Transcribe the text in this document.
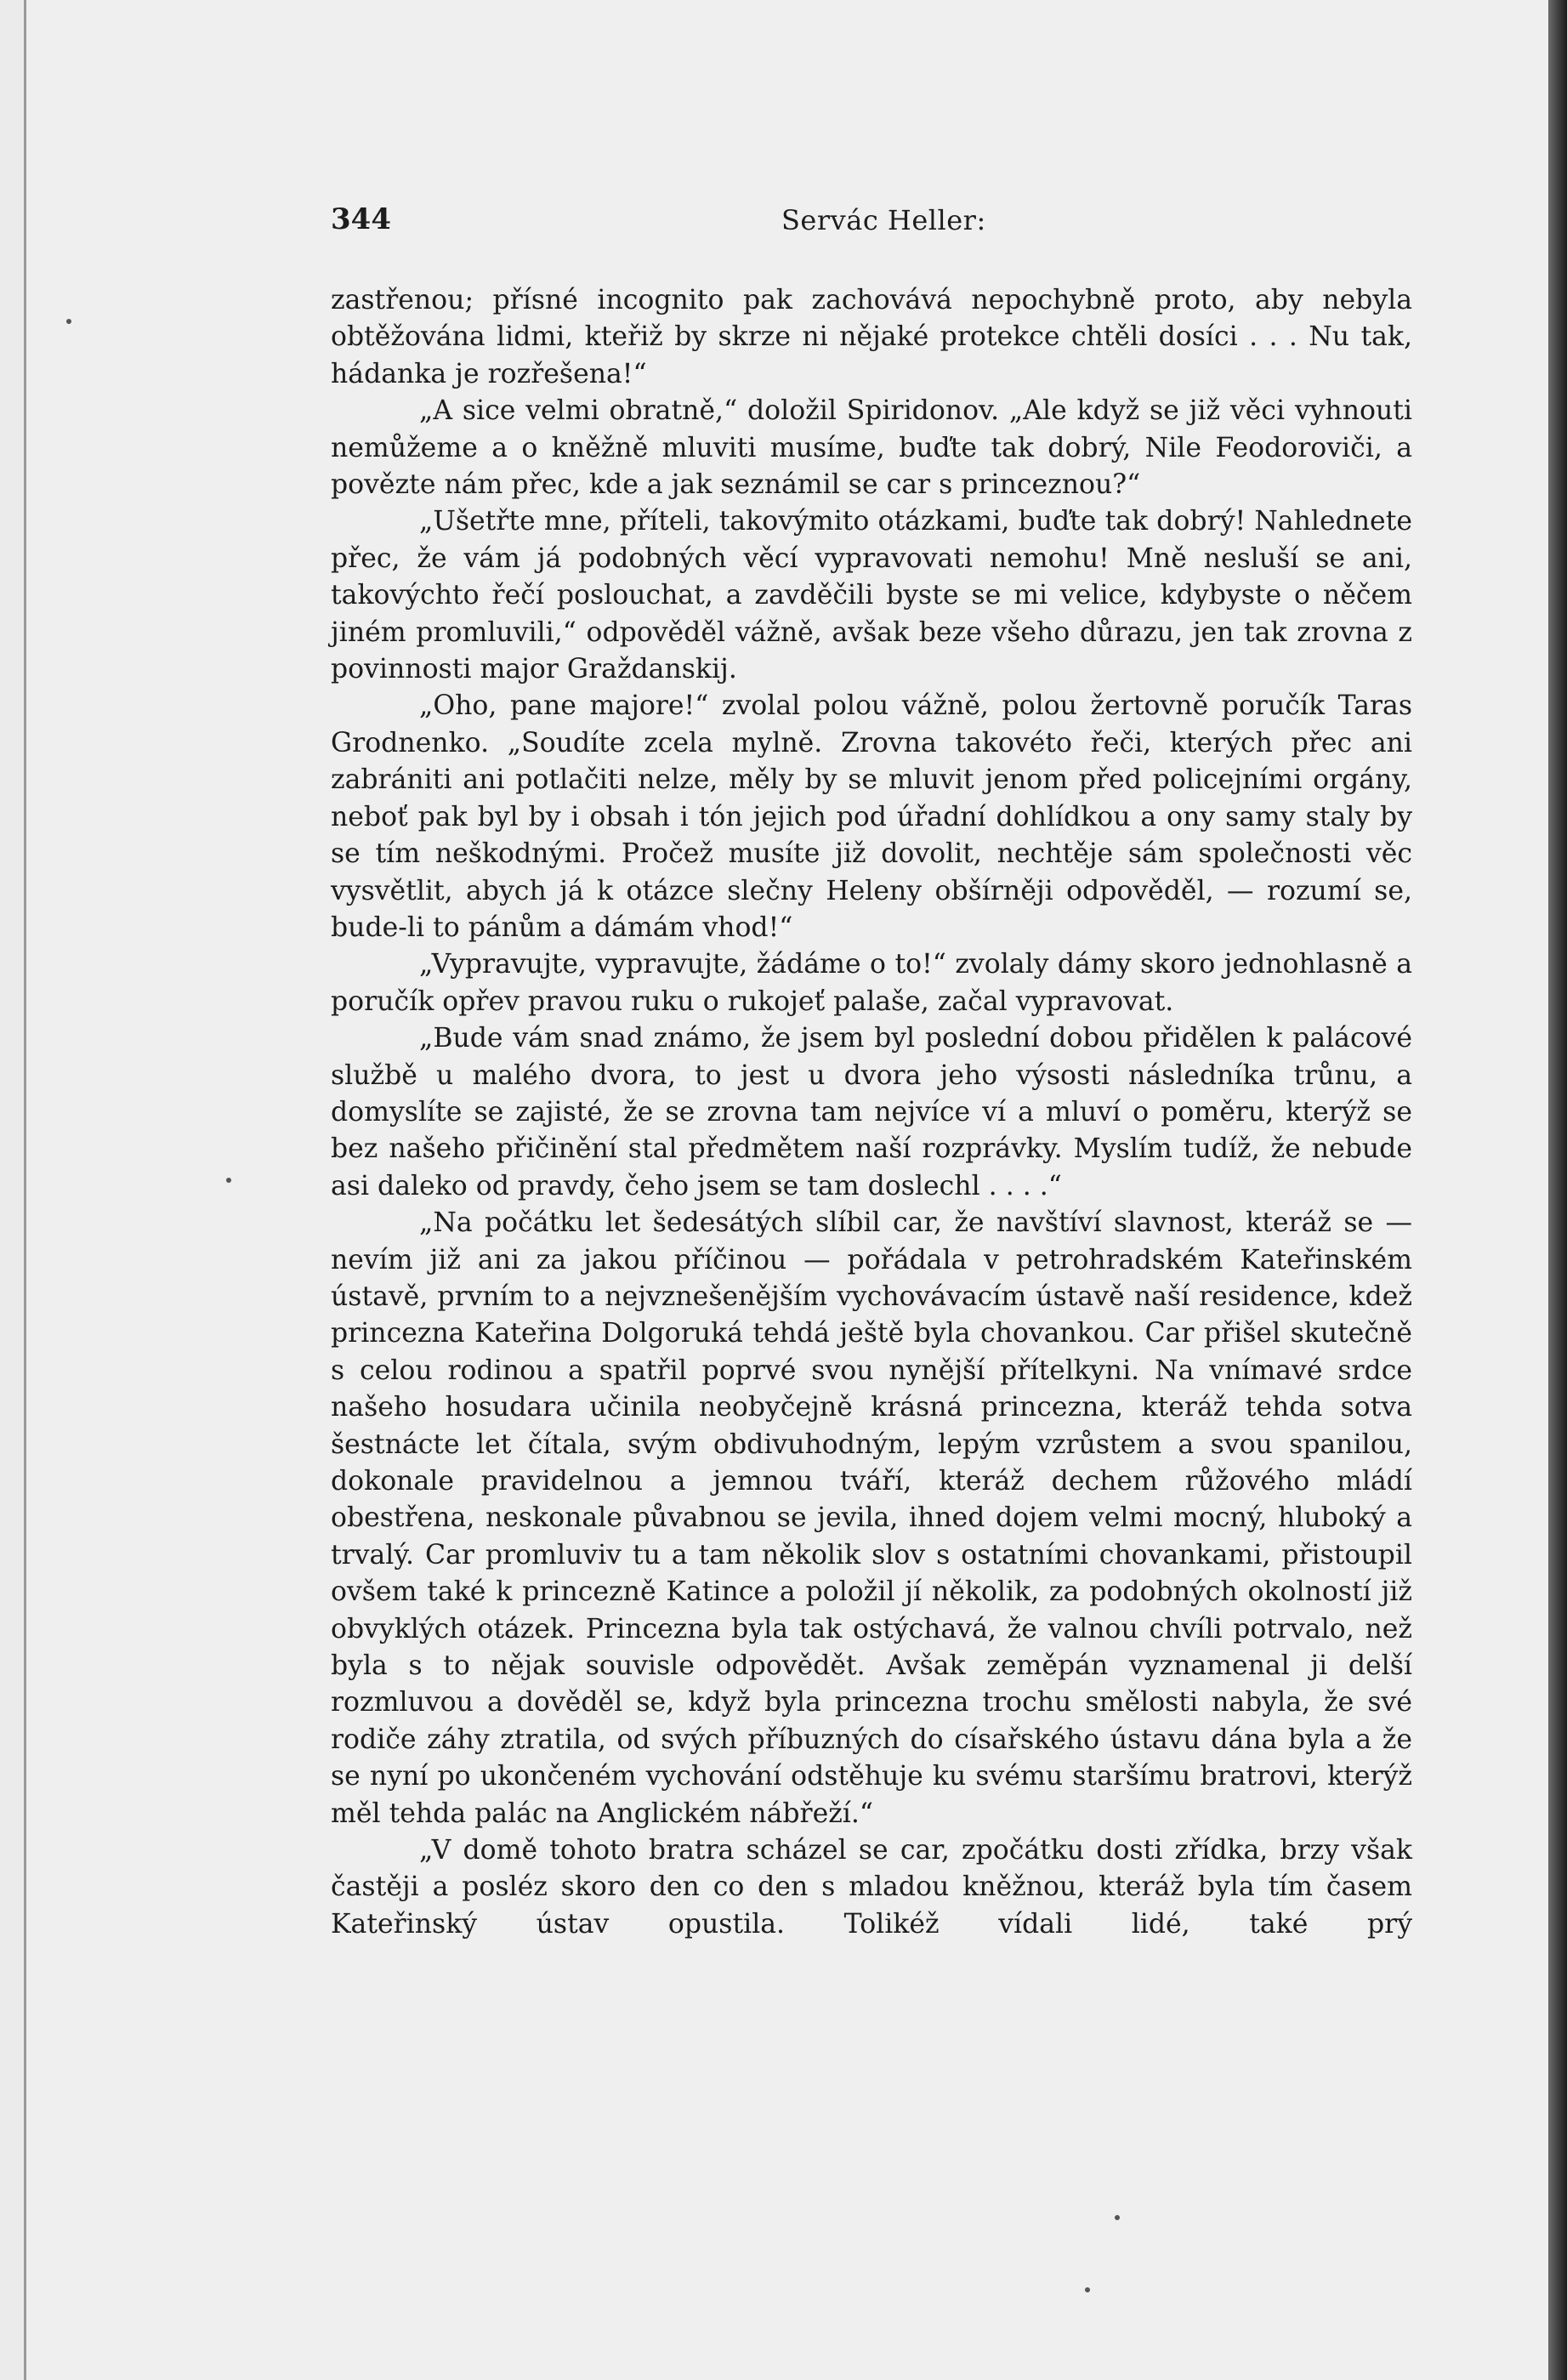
344	Servác Heller:

zastřenou; přísné incognito pak zachovává nepochybně proto, aby nebyla obtěžována lidmi, kteřiž by skrze ni nějaké protekce chtěli dosíci . . . Nu tak, hádanka je rozřešena!“

„A sice velmi obratně,“ doložil Spiridonov. „Ale když se již věci vyhnouti nemůžeme a o kněžně mluviti musíme, buďte tak dobrý, Nile Feodoroviči, a povězte nám přec, kde a jak seznámil se car s princeznou?“

„Ušetřte mne, příteli, takovýmito otázkami, buďte tak dobrý! Nahlednete přec, že vám já podobných věcí vypravovati nemohu! Mně nesluší se ani, takovýchto řečí poslouchat, a zavděčili byste se mi velice, kdybyste o něčem jiném promluvili,“ odpověděl vážně, avšak beze všeho důrazu, jen tak zrovna z povinnosti major Graždanskij.

„Oho, pane majore!“ zvolal polou vážně, polou žertovně poručík Taras Grodnenko. „Soudíte zcela mylně. Zrovna takovéto řeči, kterých přec ani zabrániti ani potlačiti nelze, měly by se mluvit jenom před policejními orgány, neboť pak byl by i obsah i tón jejich pod úřadní dohlídkou a ony samy staly by se tím neškodnými. Pročež musíte již dovolit, nechtěje sám společnosti věc vysvětlit, abych já k otázce slečny Heleny obšírněji odpověděl, — rozumí se, bude-li to pánům a dámám vhod!“

„Vypravujte, vypravujte, žádáme o to!“ zvolaly dámy skoro jednohlasně a poručík opřev pravou ruku o rukojeť palaše, začal vypravovat.

„Bude vám snad známo, že jsem byl poslední dobou přidělen k palácové službě u malého dvora, to jest u dvora jeho výsosti následníka trůnu, a domyslíte se zajisté, že se zrovna tam nejvíce ví a mluví o poměru, kterýž se bez našeho přičinění stal předmětem naší rozprávky. Myslím tudíž, že nebude asi daleko od pravdy, čeho jsem se tam doslechl . . . .“

„Na počátku let šedesátých slíbil car, že navštíví slavnost, kteráž se — nevím již ani za jakou příčinou — pořádala v petrohradském Kateřinském ústavě, prvním to a nejvznešenějším vychovávacím ústavě naší residence, kdež princezna Kateřina Dolgoruká tehdá ještě byla chovankou. Car přišel skutečně s celou rodinou a spatřil poprvé svou nynější přítelkyni. Na vnímavé srdce našeho hosudara učinila neobyčejně krásná princezna, kteráž tehda sotva šestnácte let čítala, svým obdivuhodným, lepým vzrůstem a svou spanilou, dokonale pravidelnou a jemnou tváří, kteráž dechem růžového mládí obestřena, neskonale půvabnou se jevila, ihned dojem velmi mocný, hluboký a trvalý. Car promluviv tu a tam několik slov s ostatními chovankami, přistoupil ovšem také k princezně Katince a položil jí několik, za podobných okolností již obvyklých otázek. Princezna byla tak ostýchavá, že valnou chvíli potrvalo, než byla s to nějak souvisle odpovědět. Avšak zeměpán vyznamenal ji delší rozmluvou a dověděl se, když byla princezna trochu smělosti nabyla, že své rodiče záhy ztratila, od svých příbuzných do císařského ústavu dána byla a že se nyní po ukončeném vychování odstěhuje ku svému staršímu bratrovi, kterýž měl tehda palác na Anglickém nábřeží.“

„V domě tohoto bratra scházel se car, zpočátku dosti zřídka, brzy však častěji a posléz skoro den co den s mladou kněžnou, kteráž byla tím časem Kateřinský ústav opustila. Tolikéž vídali lidé, také prý
